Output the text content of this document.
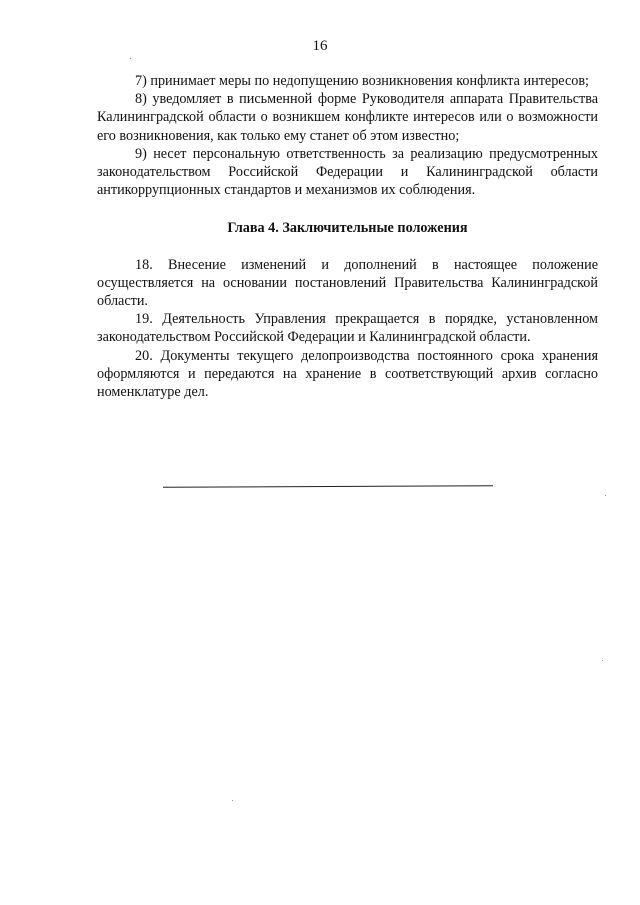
16

7) принимает меры по недопущению возникновения конфликта интересов;

8) уведомляет в письменной форме Руководителя аппарата Правительства Калининградской области о возникшем конфликте интересов или о возможности его возникновения, как только ему станет об этом известно;

9) несет персональную ответственность за реализацию предусмотренных законодательством Российской Федерации и Калининградской области антикоррупционных стандартов и механизмов их соблюдения.

Глава 4. Заключительные положения

18. Внесение изменений и дополнений в настоящее положение осуществляется на основании постановлений Правительства Калининградской области.

19. Деятельность Управления прекращается в порядке, установленном законодательством Российской Федерации и Калининградской области.

20. Документы текущего делопроизводства постоянного срока хранения оформляются и передаются на хранение в соответствующий архив согласно номенклатуре дел.
